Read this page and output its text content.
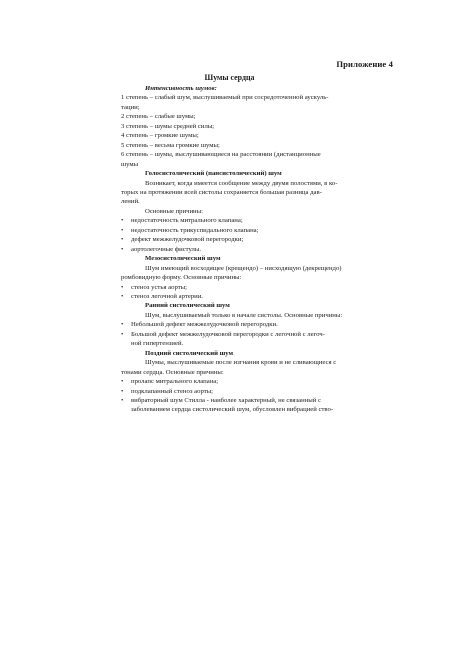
Приложение 4
Шумы сердца

Интенсивность шумов:

1 степень – слабый шум, выслушиваемый при сосредоточенной аускуль-

тации;

2 степень – слабые шумы;

3 степень – шумы средней силы;

4 степень – громкие шумы;

5 степень – весьма громкие шумы;

6 степень – шумы, выслушивающиеся на расстоянии (дистанционные

шумы

Голосистолический (пансистолический) шум

Возникает, когда имеется сообщение между двумя полостями, в ко-

торых на протяжении всей систолы сохраняется большая разница дав-

лений.

Основные причины:

• недостаточность митрального клапана;

• недостаточность трикуспидального клапана;

• дефект межжелудочковой перегородки;

• аортолегочные фистулы.

Мезосистолический шум

Шум имеющий восходящее (крещендо) – нисходящую (декрещендо)

ромбовидную форму. Основные причины:

• стеноз устья аорты;

• стеноз легочной артерии.

Ранний систолический шум

Шум, выслушиваемый только в начале систолы. Основные причины:

• Небольшой дефект межжелудочковой перегородки.

• Большой дефект межжелудочковой перегородки с легочной с легоч-

ной гипертензией.

Поздний систолический шум

Шумы, выслушиваемые после изгнания крови и не сливающиеся с

тонами сердца. Основные причины:

• пролапс митрального клапана;

• подклапанный стеноз аорты;

• вибраторный шум Стилла - наиболее характерный, не связанный с

заболеванием сердца систолический шум, обусловлен вибрацией ство-
